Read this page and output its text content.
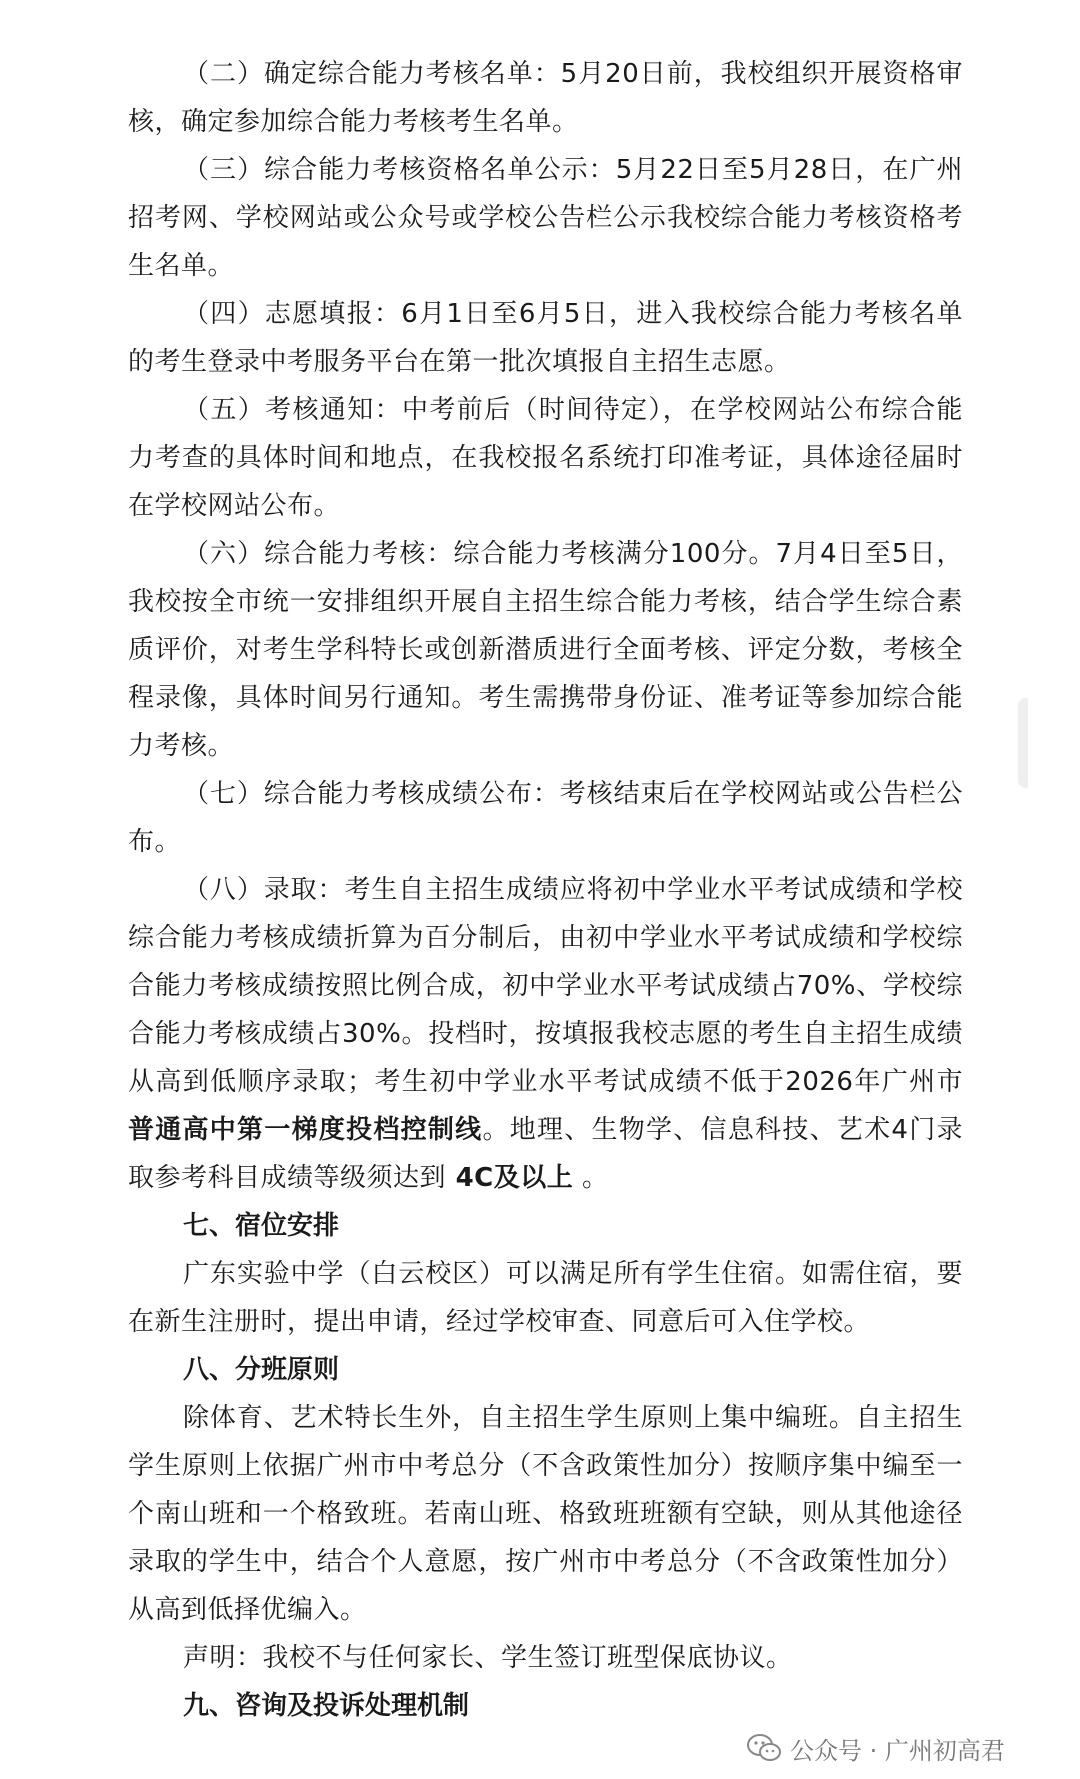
（二）确定综合能力考核名单：5月20日前，我校组织开展资格审核，确定参加综合能力考核考生名单。

（三）综合能力考核资格名单公示：5月22日至5月28日，在广州招考网、学校网站或公众号或学校公告栏公示我校综合能力考核资格考生名单。

（四）志愿填报：6月1日至6月5日，进入我校综合能力考核名单的考生登录中考服务平台在第一批次填报自主招生志愿。

（五）考核通知：中考前后（时间待定），在学校网站公布综合能力考查的具体时间和地点，在我校报名系统打印准考证，具体途径届时在学校网站公布。

（六）综合能力考核：综合能力考核满分100分。7月4日至5日，我校按全市统一安排组织开展自主招生综合能力考核，结合学生综合素质评价，对考生学科特长或创新潜质进行全面考核、评定分数，考核全程录像，具体时间另行通知。考生需携带身份证、准考证等参加综合能力考核。

（七）综合能力考核成绩公布：考核结束后在学校网站或公告栏公布。

（八）录取：考生自主招生成绩应将初中学业水平考试成绩和学校综合能力考核成绩折算为百分制后，由初中学业水平考试成绩和学校综合能力考核成绩按照比例合成，初中学业水平考试成绩占70%、学校综合能力考核成绩占30%。投档时，按填报我校志愿的考生自主招生成绩从高到低顺序录取；考生初中学业水平考试成绩不低于2026年广州市普通高中第一梯度投档控制线。地理、生物学、信息科技、艺术4门录取参考科目成绩等级须达到 4C及以上 。

七、宿位安排

广东实验中学（白云校区）可以满足所有学生住宿。如需住宿，要在新生注册时，提出申请，经过学校审查、同意后可入住学校。

八、分班原则

除体育、艺术特长生外，自主招生学生原则上集中编班。自主招生学生原则上依据广州市中考总分（不含政策性加分）按顺序集中编至一个南山班和一个格致班。若南山班、格致班班额有空缺，则从其他途径录取的学生中，结合个人意愿，按广州市中考总分（不含政策性加分）从高到低择优编入。

声明：我校不与任何家长、学生签订班型保底协议。

九、咨询及投诉处理机制

公众号 · 广州初高君
